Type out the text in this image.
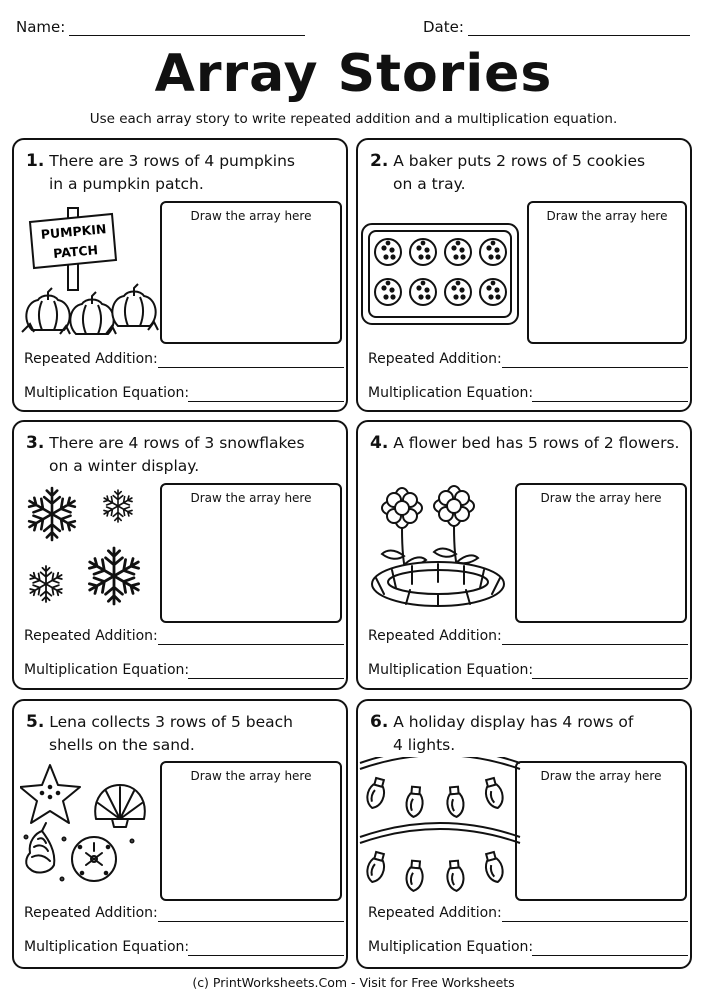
Name:	Date:
Array Stories
Use each array story to write repeated addition and a multiplication equation.
1. There are 3 rows of 4 pumpkins
in a pumpkin patch.
PUMPKIN
PATCH
Draw the array here
Repeated Addition:
Multiplication Equation:
2. A baker puts 2 rows of 5 cookies
on a tray.
Draw the array here
Repeated Addition:
Multiplication Equation:
3. There are 4 rows of 3 snowflakes
on a winter display.
Draw the array here
Repeated Addition:
Multiplication Equation:
4. A flower bed has 5 rows of 2 flowers.
Draw the array here
Repeated Addition:
Multiplication Equation:
5. Lena collects 3 rows of 5 beach
shells on the sand.
Draw the array here
Repeated Addition:
Multiplication Equation:
6. A holiday display has 4 rows of
4 lights.
Draw the array here
Repeated Addition:
Multiplication Equation:
(c) PrintWorksheets.Com - Visit for Free Worksheets
